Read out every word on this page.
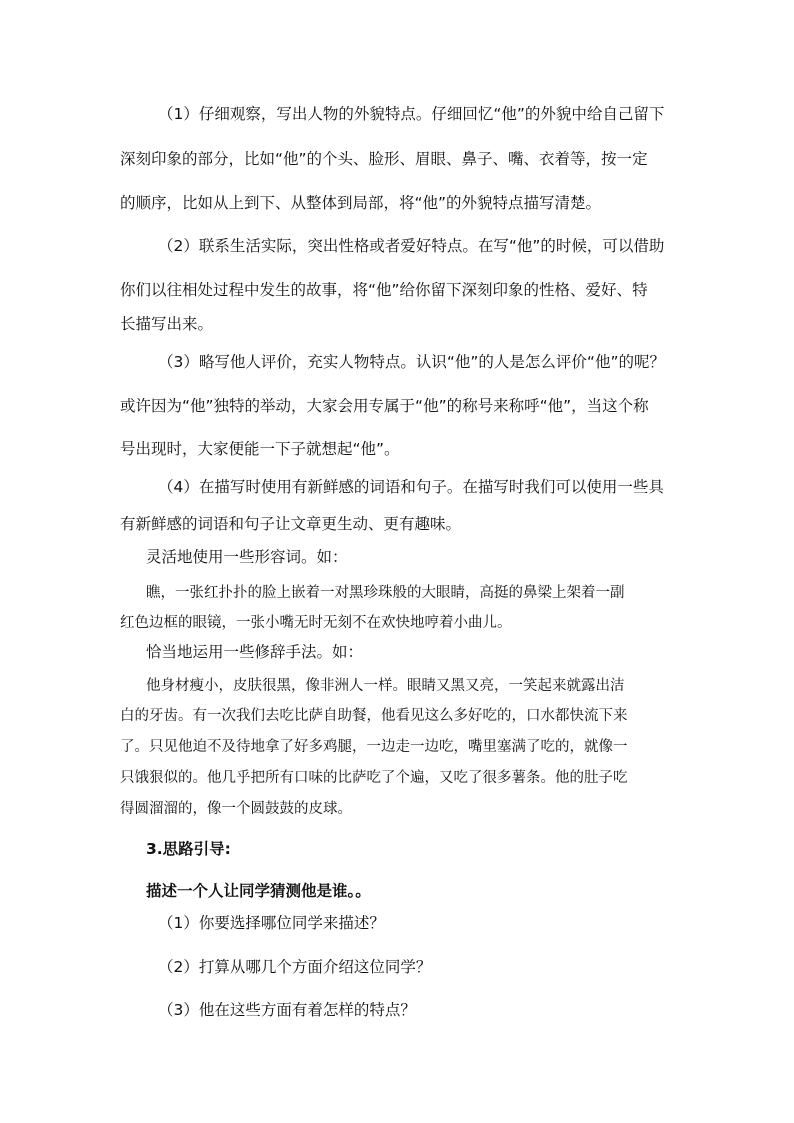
（1）仔细观察，写出人物的外貌特点。仔细回忆“他”的外貌中给自己留下
深刻印象的部分，比如“他”的个头、脸形、眉眼、鼻子、嘴、衣着等，按一定
的顺序，比如从上到下、从整体到局部，将“他”的外貌特点描写清楚。
（2）联系生活实际，突出性格或者爱好特点。在写“他”的时候，可以借助
你们以往相处过程中发生的故事，将“他”给你留下深刻印象的性格、爱好、特
长描写出来。
（3）略写他人评价，充实人物特点。认识“他”的人是怎么评价“他”的呢？
或许因为“他”独特的举动，大家会用专属于“他”的称号来称呼“他”，当这个称
号出现时，大家便能一下子就想起“他”。
（4）在描写时使用有新鲜感的词语和句子。在描写时我们可以使用一些具
有新鲜感的词语和句子让文章更生动、更有趣味。
灵活地使用一些形容词。如：
瞧，一张红扑扑的脸上嵌着一对黑珍珠般的大眼睛，高挺的鼻梁上架着一副
红色边框的眼镜，一张小嘴无时无刻不在欢快地哼着小曲儿。
恰当地运用一些修辞手法。如：
他身材瘦小，皮肤很黑，像非洲人一样。眼睛又黑又亮，一笑起来就露出洁
白的牙齿。有一次我们去吃比萨自助餐，他看见这么多好吃的，口水都快流下来
了。只见他迫不及待地拿了好多鸡腿，一边走一边吃，嘴里塞满了吃的，就像一
只饿狠似的。他几乎把所有口味的比萨吃了个遍，又吃了很多薯条。他的肚子吃
得圆溜溜的，像一个圆鼓鼓的皮球。
3.思路引导:
描述一个人让同学猜测他是谁。。
（1）你要选择哪位同学来描述？
（2）打算从哪几个方面介绍这位同学？
（3）他在这些方面有着怎样的特点？
